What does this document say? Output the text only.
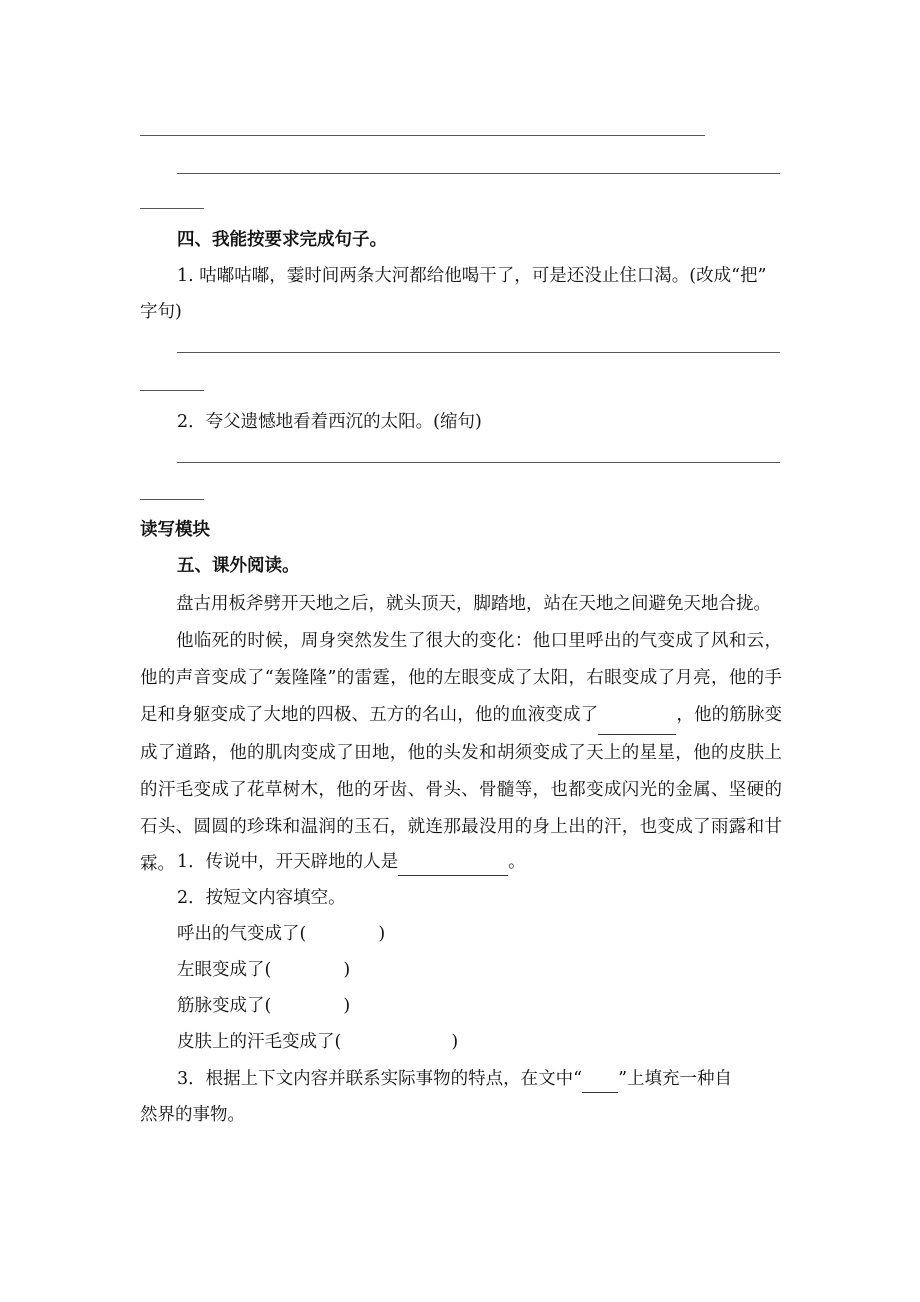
四、我能按要求完成句子。
1. 咕嘟咕嘟，霎时间两条大河都给他喝干了，可是还没止住口渴。(改成“把”
字句)
2．夸父遗憾地看着西沉的太阳。(缩句)
读写模块
五、课外阅读。

盘古用板斧劈开天地之后，就头顶天，脚踏地，站在天地之间避免天地合拢。

他临死的时候，周身突然发生了很大的变化：他口里呼出的气变成了风和云，他的声音变成了“轰隆隆”的雷霆，他的左眼变成了太阳，右眼变成了月亮，他的手足和身躯变成了大地的四极、五方的名山，他的血液变成了	，他的筋脉变成了道路，他的肌肉变成了田地，他的头发和胡须变成了天上的星星，他的皮肤上的汗毛变成了花草树木，他的牙齿、骨头、骨髓等，也都变成闪光的金属、坚硬的石头、圆圆的珍珠和温润的玉石，就连那最没用的身上出的汗，也变成了雨露和甘霖。 1．传说中，开天辟地的人是	。
2．按短文内容填空。
呼出的气变成了(	)
左眼变成了(	)
筋脉变成了(	)
皮肤上的汗毛变成了(	)
3．根据上下文内容并联系实际事物的特点，在文中“ ”上填充一种自
然界的事物。
